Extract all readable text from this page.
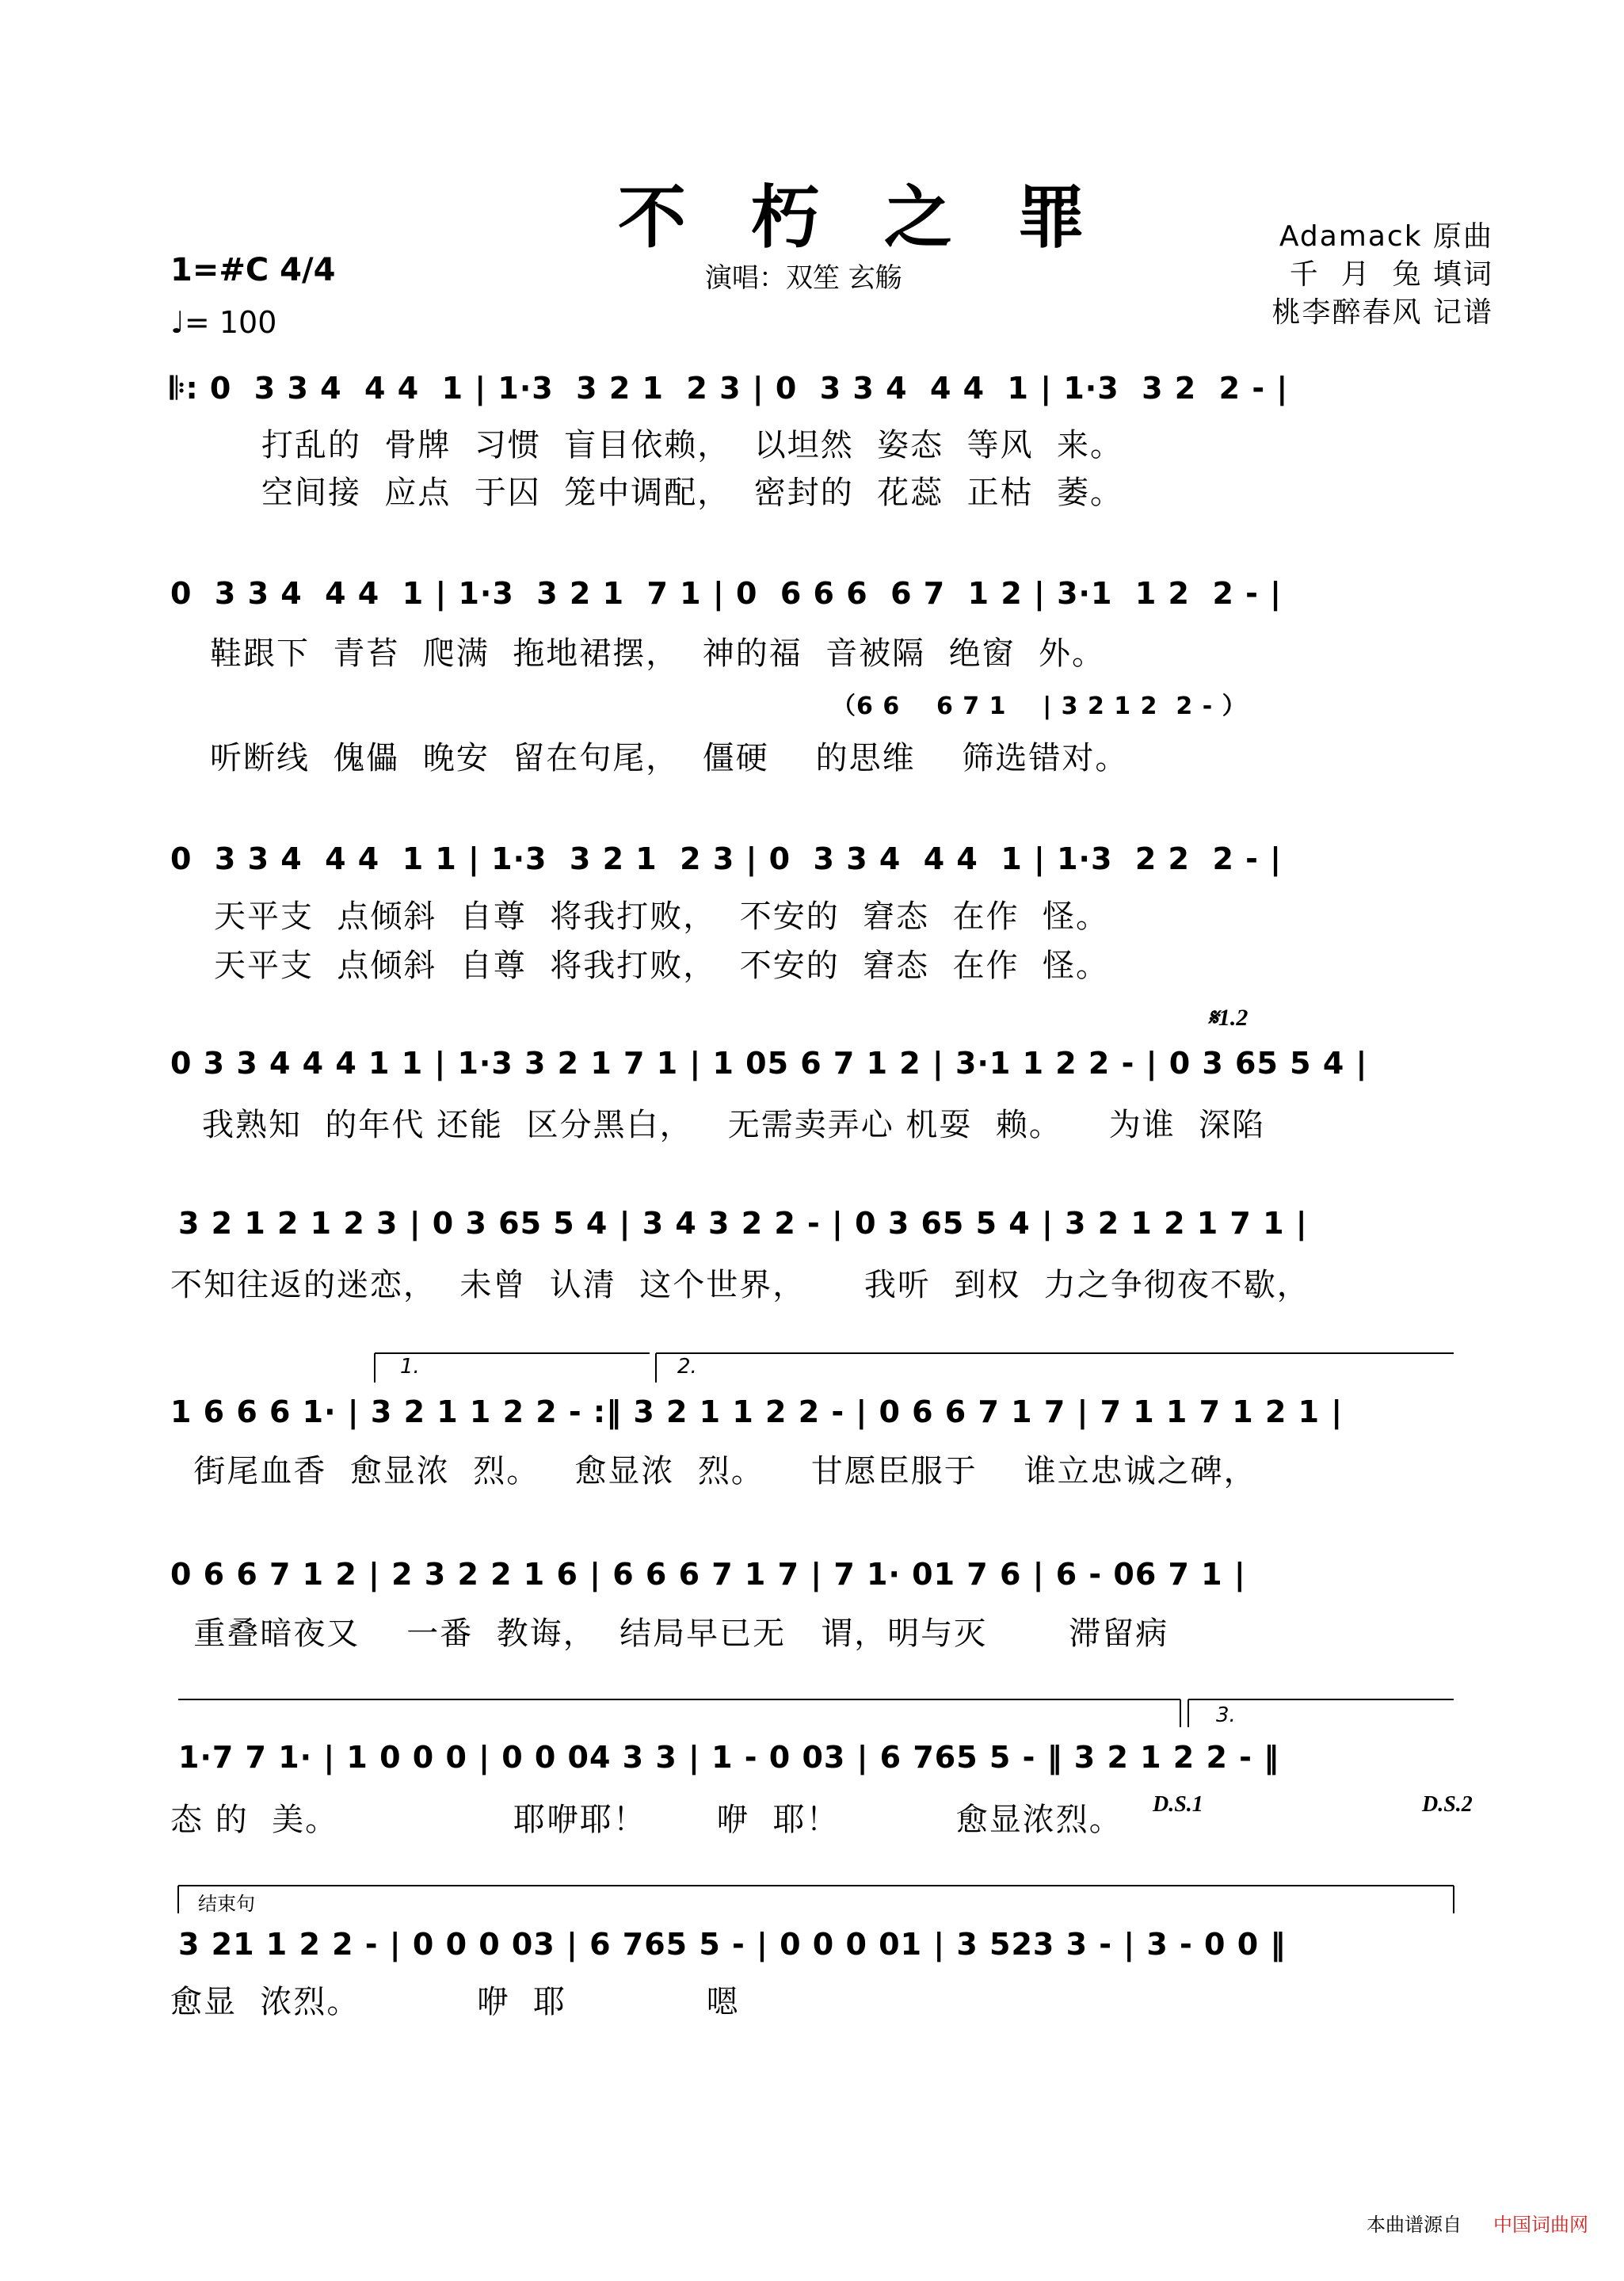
不 朽 之 罪
演唱：双笙 玄觞
Adamack 原曲
千  月  兔 填词
桃李醉春风 记谱
1=#C 4/4
♩= 100
𝄆: 0  3 3 4  4 4  1 | 1·3  3 2 1  2 3 | 0  3 3 4  4 4  1 | 1·3  3 2  2 - |
打乱的  骨牌  习惯  盲目依赖，  以坦然  姿态  等风  来。
空间接  应点  于囚  笼中调配，  密封的  花蕊  正枯  萎。
0  3 3 4  4 4  1 | 1·3  3 2 1  7 1 | 0  6 6 6  6 7  1 2 | 3·1  1 2  2 - |
鞋跟下  青苔  爬满  拖地裙摆，  神的福  音被隔  绝窗  外。
（6 6    6 7 1    | 3 2 1 2  2 - ）
听断线  傀儡  晚安  留在句尾，  僵硬    的思维    筛选错对。
0  3 3 4  4 4  1 1 | 1·3  3 2 1  2 3 | 0  3 3 4  4 4  1 | 1·3  2 2  2 - |
天平支  点倾斜  自尊  将我打败，  不安的  窘态  在作  怪。
天平支  点倾斜  自尊  将我打败，  不安的  窘态  在作  怪。
𝄋1.2
0 3 3 4 4 4 1 1 | 1·3 3 2 1 7 1 | 1 05 6 7 1 2 | 3·1 1 2 2 - | 0 3 65 5 4 |
我熟知  的年代 还能  区分黑白，   无需卖弄心 机耍  赖。    为谁  深陷
3 2 1 2 1 2 3 | 0 3 65 5 4 | 3 4 3 2 2 - | 0 3 65 5 4 | 3 2 1 2 1 7 1 |
不知往返的迷恋，  未曾  认清  这个世界，     我听  到权  力之争彻夜不歇，
1.	2.
1 6 6 6 1· | 3 2 1 1 2 2 - :‖ 3 2 1 1 2 2 - | 0 6 6 7 1 7 | 7 1 1 7 1 2 1 |
街尾血香  愈显浓  烈。   愈显浓  烈。    甘愿臣服于    谁立忠诚之碑，
0 6 6 7 1 2 | 2 3 2 2 1 6 | 6 6 6 7 1 7 | 7 1· 01 7 6 | 6 - 06 7 1 |
重叠暗夜又    一番  教诲，  结局早已无   谓，明与灭       滞留病
3.
1·7 7 1· | 1 0 0 0 | 0 0 04 3 3 | 1 - 0 03 | 6 765 5 - ‖ 3 2 1 2 2 - ‖
态 的  美。               耶咿耶！      咿  耶！          愈显浓烈。 D.S.1	D.S.2
结束句
3 21 1 2 2 - | 0 0 0 03 | 6 765 5 - | 0 0 0 01 | 3 523 3 - | 3 - 0 0 ‖
愈显  浓烈。          咿  耶            嗯
本曲谱源自 中国词曲网
